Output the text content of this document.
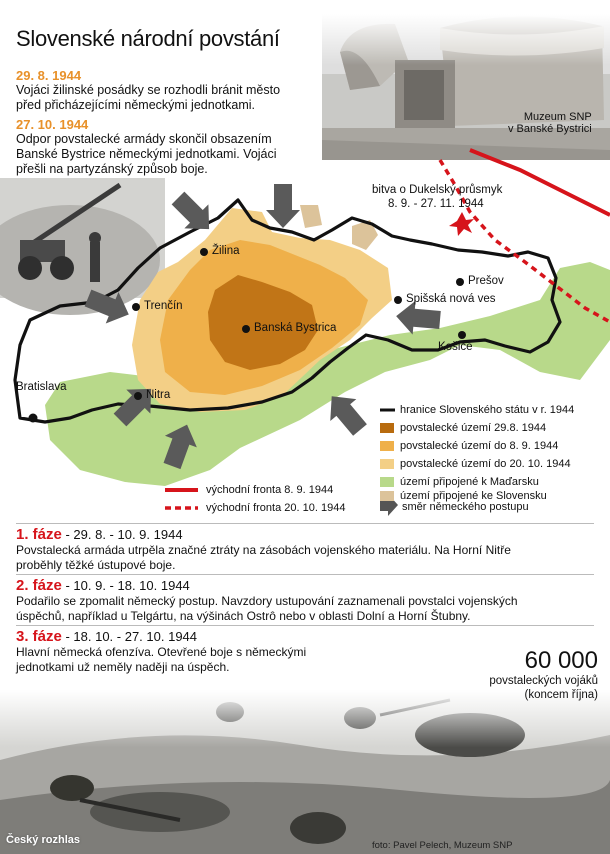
Slovenské národní povstání
29. 8. 1944
Vojáci žilinské posádky se rozhodli bránit město
před přicházejícími německými jednotkami.
27. 10. 1944
Odpor povstalecké armády skončil obsazením
Banské Bystrice německými jednotkami. Vojáci
přešli na partyzánský způsob boje.
Muzeum SNP
v Banské Bystrici
bitva o Dukelský průsmyk
8. 9. - 27. 11. 1944
Žilina
Trenčín
Banská Bystrica
Bratislava
Nitra
Prešov
Spišská nová ves
Košice
hranice Slovenského státu v r. 1944
povstalecké území 29.8. 1944
povstalecké území do 8. 9. 1944
povstalecké území do 20. 10. 1944
území připojené k Maďarsku
území připojené ke Slovensku
směr německého postupu
východní fronta 8. 9. 1944
východní fronta 20. 10. 1944
1. fáze - 29. 8. - 10. 9. 1944
Povstalecká armáda utrpěla značné ztráty na zásobách vojenského materiálu. Na Horní Nitře
proběhly těžké ústupové boje.
2. fáze - 10. 9. - 18. 10. 1944
Podařilo se zpomalit německý postup. Navzdory ustupování zaznamenali povstalci vojenských
úspěchů, například u Telgártu, na výšinách Ostrô nebo v oblasti Dolní a Horní Štubny.
3. fáze - 18. 10. - 27. 10. 1944
Hlavní německá ofenzíva. Otevřené boje s německými
jednotkami už neměly naději na úspěch.	60 000
povstaleckých vojáků
(koncem října)
Český rozhlas	foto: Pavel Pelech, Muzeum SNP
